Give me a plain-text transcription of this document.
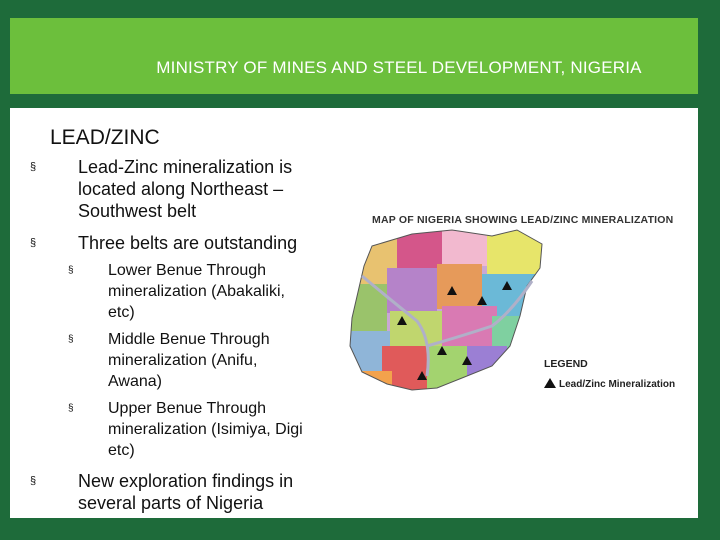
MINISTRY OF MINES AND STEEL DEVELOPMENT, NIGERIA
LEAD/ZINC
§ Lead-Zinc mineralization is
located along Northeast –
Southwest belt
§ Three belts are outstanding
§ Lower Benue Through
mineralization (Abakaliki,
etc)
§ Middle Benue Through
mineralization (Anifu,
Awana)
§ Upper Benue Through
mineralization (Isimiya, Digi
etc)
§ New exploration findings in
several parts of Nigeria
MAP OF NIGERIA SHOWING LEAD/ZINC MINERALIZATION
LEGEND
Lead/Zinc Mineralization
